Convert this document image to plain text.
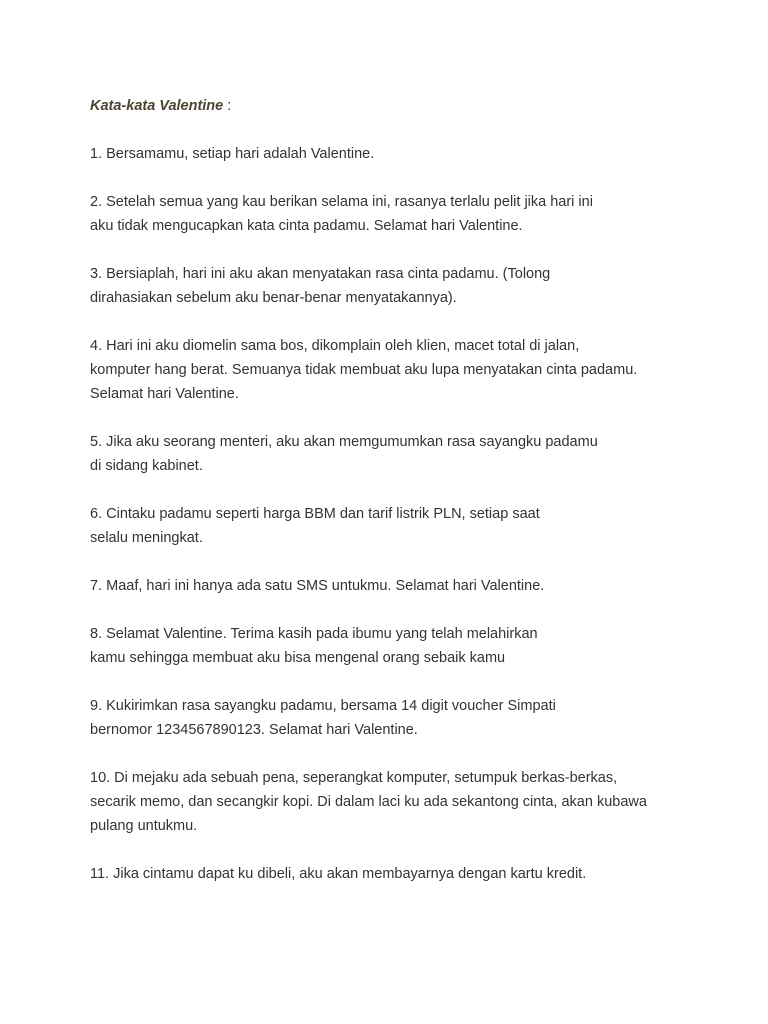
Kata-kata Valentine :

1. Bersamamu, setiap hari adalah Valentine.

2. Setelah semua yang kau berikan selama ini, rasanya terlalu pelit jika hari ini
aku tidak mengucapkan kata cinta padamu. Selamat hari Valentine.

3. Bersiaplah, hari ini aku akan menyatakan rasa cinta padamu. (Tolong
dirahasiakan sebelum aku benar-benar menyatakannya).

4. Hari ini aku diomelin sama bos, dikomplain oleh klien, macet total di jalan,
komputer hang berat. Semuanya tidak membuat aku lupa menyatakan cinta padamu.
Selamat hari Valentine.

5. Jika aku seorang menteri, aku akan memgumumkan rasa sayangku padamu
di sidang kabinet.

6. Cintaku padamu seperti harga BBM dan tarif listrik PLN, setiap saat
selalu meningkat.

7. Maaf, hari ini hanya ada satu SMS untukmu. Selamat hari Valentine.

8. Selamat Valentine. Terima kasih pada ibumu yang telah melahirkan
kamu sehingga membuat aku bisa mengenal orang sebaik kamu

9. Kukirimkan rasa sayangku padamu, bersama 14 digit voucher Simpati
bernomor 1234567890123. Selamat hari Valentine.

10. Di mejaku ada sebuah pena, seperangkat komputer, setumpuk berkas-berkas,
secarik memo, dan secangkir kopi. Di dalam laci ku ada sekantong cinta, akan kubawa
pulang untukmu.

11. Jika cintamu dapat ku dibeli, aku akan membayarnya dengan kartu kredit.
